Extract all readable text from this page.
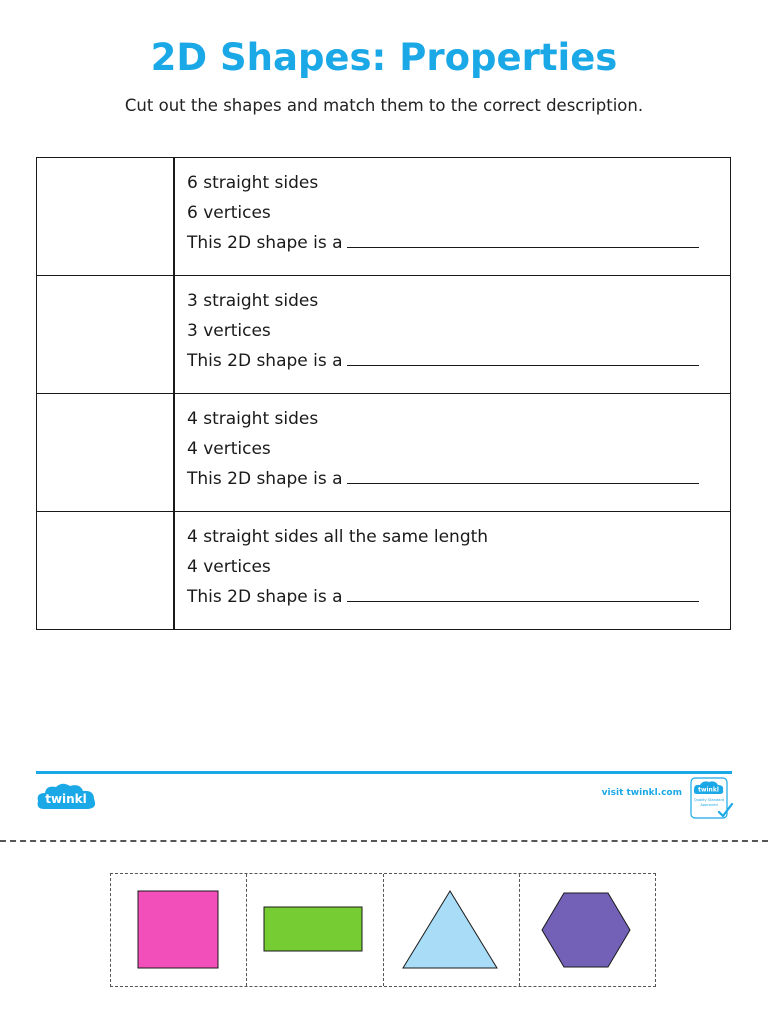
2D Shapes: Properties

Cut out the shapes and match them to the correct description.

6 straight sides
6 vertices
This 2D shape is a
3 straight sides
3 vertices
This 2D shape is a
4 straight sides
4 vertices
This 2D shape is a
4 straight sides all the same length
4 vertices
This 2D shape is a
twinkl	visit twinkl.com	twinkl
Quality Standard Approved
